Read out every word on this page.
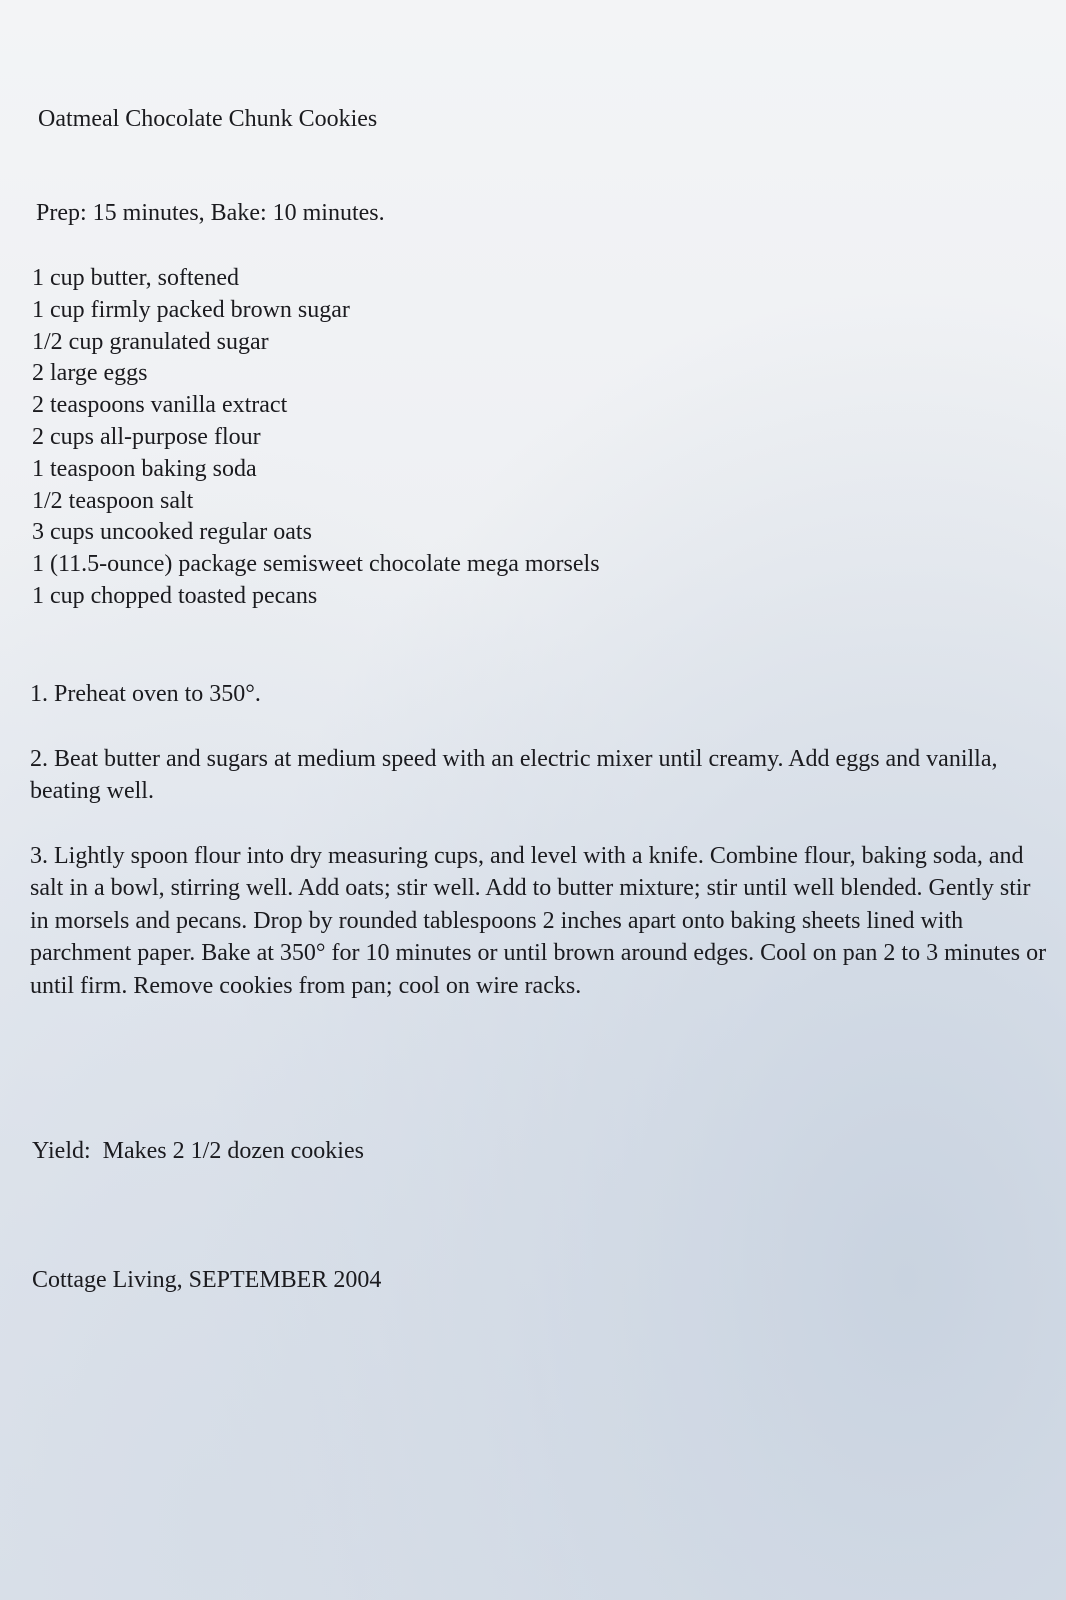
Oatmeal Chocolate Chunk Cookies
Prep: 15 minutes, Bake: 10 minutes.
1 cup butter, softened
1 cup firmly packed brown sugar
1/2 cup granulated sugar
2 large eggs
2 teaspoons vanilla extract
2 cups all-purpose flour
1 teaspoon baking soda
1/2 teaspoon salt
3 cups uncooked regular oats
1 (11.5-ounce) package semisweet chocolate mega morsels
1 cup chopped toasted pecans
1. Preheat oven to 350°.
2. Beat butter and sugars at medium speed with an electric mixer until creamy. Add eggs and vanilla, beating well.
3. Lightly spoon flour into dry measuring cups, and level with a knife. Combine flour, baking soda, and salt in a bowl, stirring well. Add oats; stir well. Add to butter mixture; stir until well blended. Gently stir in morsels and pecans. Drop by rounded tablespoons 2 inches apart onto baking sheets lined with parchment paper. Bake at 350° for 10 minutes or until brown around edges. Cool on pan 2 to 3 minutes or until firm. Remove cookies from pan; cool on wire racks.
Yield:  Makes 2 1/2 dozen cookies
Cottage Living, SEPTEMBER 2004
